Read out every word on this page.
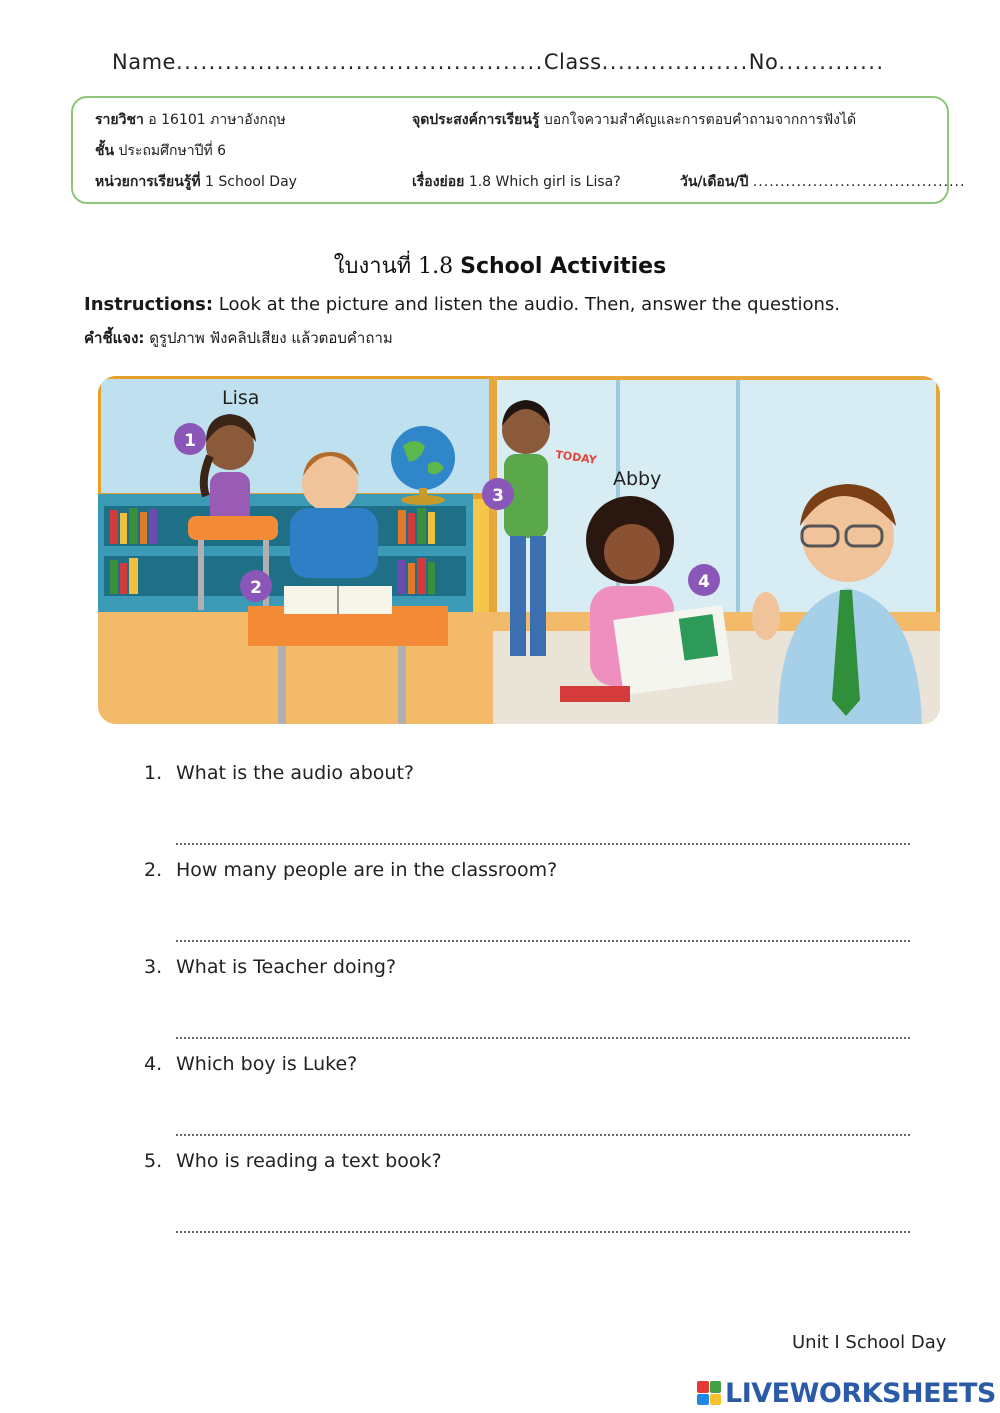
Name.............................................Class..................No.............
รายวิชา อ 16101 ภาษาอังกฤษ	จุดประสงค์การเรียนรู้ บอกใจความสำคัญและการตอบคำถามจากการฟังได้
ชั้น ประถมศึกษาปีที่ 6
หน่วยการเรียนรู้ที่ 1 School Day	เรื่องย่อย 1.8 Which girl is Lisa?	วัน/เดือน/ปี .......................................
ใบงานที่ 1.8 School Activities
Instructions: Look at the picture and listen the audio. Then, answer the questions.
คำชี้แจง: ดูรูปภาพ ฟังคลิปเสียง แล้วตอบคำถาม
TODAY
Lisa
Abby
1
2
3
4
1. What is the audio about?
2. How many people are in the classroom?
3. What is Teacher doing?
4. Which boy is Luke?
5. Who is reading a text book?
Unit I School Day
LIVEWORKSHEETS
